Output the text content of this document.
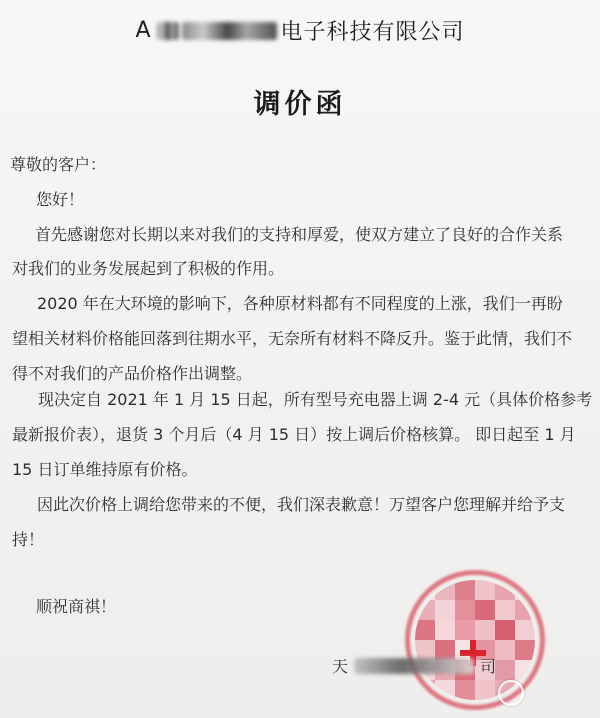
A	电子科技有限公司
调价函
尊敬的客户：
您好！
首先感谢您对长期以来对我们的支持和厚爱，使双方建立了良好的合作关系
对我们的业务发展起到了积极的作用。
2020 年在大环境的影响下，各种原材料都有不同程度的上涨，我们一再盼
望相关材料价格能回落到往期水平，无奈所有材料不降反升。鉴于此情，我们不
得不对我们的产品价格作出调整。
现决定自 2021 年 1 月 15 日起，所有型号充电器上调 2-4 元（具体价格参考
最新报价表），退货 3 个月后（4 月 15 日）按上调后价格核算。 即日起至 1 月
15 日订单维持原有价格。
因此次价格上调给您带来的不便，我们深表歉意！万望客户您理解并给予支
持！
顺祝商祺！
天	司
